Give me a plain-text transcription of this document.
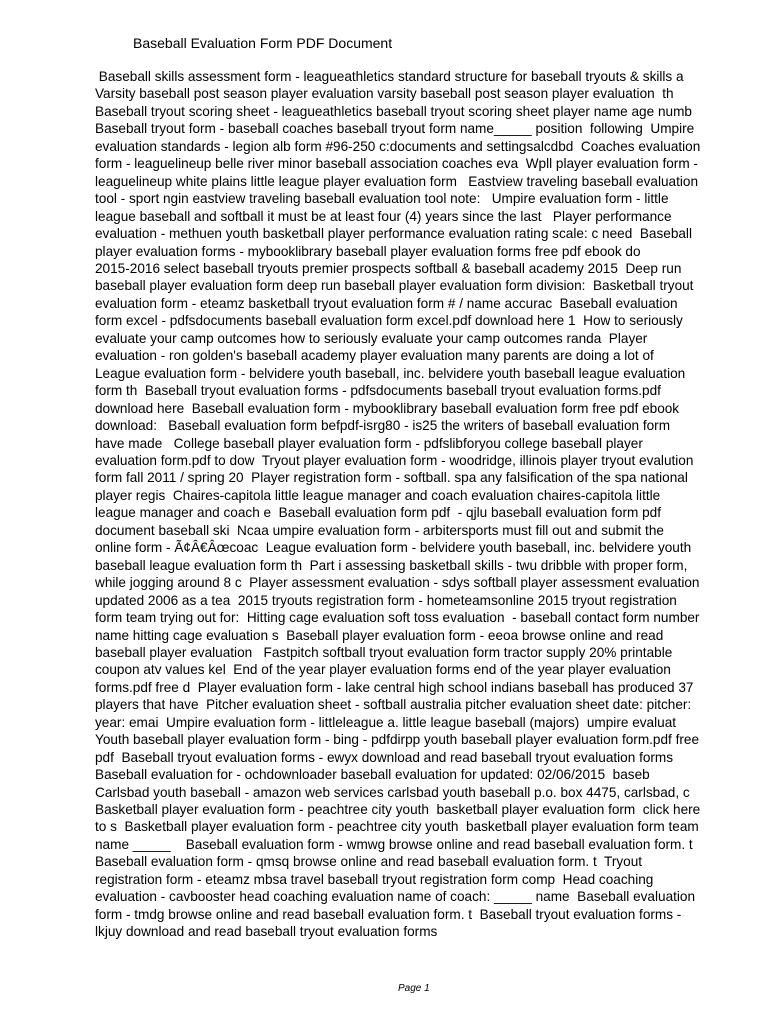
Baseball Evaluation Form PDF Document
Baseball skills assessment form - leagueathletics standard structure for baseball tryouts & skills a
Varsity baseball post season player evaluation varsity baseball post season player evaluation  th
Baseball tryout scoring sheet - leagueathletics baseball tryout scoring sheet player name age numb
Baseball tryout form - baseball coaches baseball tryout form name_____ position  following  Umpire
evaluation standards - legion alb form #96-250 c:documents and settingsalcdbd  Coaches evaluation
form - leaguelineup belle river minor baseball association coaches eva  Wpll player evaluation form -
leaguelineup white plains little league player evaluation form   Eastview traveling baseball evaluation
tool - sport ngin eastview traveling baseball evaluation tool note:   Umpire evaluation form - little
league baseball and softball it must be at least four (4) years since the last   Player performance
evaluation - methuen youth basketball player performance evaluation rating scale: c need  Baseball
player evaluation forms - mybooklibrary baseball player evaluation forms free pdf ebook do
2015-2016 select baseball tryouts premier prospects softball & baseball academy 2015  Deep run
baseball player evaluation form deep run baseball player evaluation form division:  Basketball tryout
evaluation form - eteamz basketball tryout evaluation form # / name accurac  Baseball evaluation
form excel - pdfsdocuments baseball evaluation form excel.pdf download here 1  How to seriously
evaluate your camp outcomes how to seriously evaluate your camp outcomes randa  Player
evaluation - ron golden's baseball academy player evaluation many parents are doing a lot of
League evaluation form - belvidere youth baseball, inc. belvidere youth baseball league evaluation
form th  Baseball tryout evaluation forms - pdfsdocuments baseball tryout evaluation forms.pdf
download here  Baseball evaluation form - mybooklibrary baseball evaluation form free pdf ebook
download:   Baseball evaluation form befpdf-isrg80 - is25 the writers of baseball evaluation form
have made   College baseball player evaluation form - pdfslibforyou college baseball player
evaluation form.pdf to dow  Tryout player evaluation form - woodridge, illinois player tryout evalution
form fall 2011 / spring 20  Player registration form - softball. spa any falsification of the spa national
player regis  Chaires-capitola little league manager and coach evaluation chaires-capitola little
league manager and coach e  Baseball evaluation form pdf  - qjlu baseball evaluation form pdf
document baseball ski  Ncaa umpire evaluation form - arbitersports must fill out and submit the
online form - Ã¢Â€Âœcoac  League evaluation form - belvidere youth baseball, inc. belvidere youth
baseball league evaluation form th  Part i assessing basketball skills - twu dribble with proper form,
while jogging around 8 c  Player assessment evaluation - sdys softball player assessment evaluation
updated 2006 as a tea  2015 tryouts registration form - hometeamsonline 2015 tryout registration
form team trying out for:  Hitting cage evaluation soft toss evaluation  - baseball contact form number
name hitting cage evaluation s  Baseball player evaluation form - eeoa browse online and read
baseball player evaluation   Fastpitch softball tryout evaluation form tractor supply 20% printable
coupon atv values kel  End of the year player evaluation forms end of the year player evaluation
forms.pdf free d  Player evaluation form - lake central high school indians baseball has produced 37
players that have  Pitcher evaluation sheet - softball australia pitcher evaluation sheet date: pitcher:
year: emai  Umpire evaluation form - littleleague a. little league baseball (majors)  umpire evaluat
Youth baseball player evaluation form - bing - pdfdirpp youth baseball player evaluation form.pdf free
pdf  Baseball tryout evaluation forms - ewyx download and read baseball tryout evaluation forms
Baseball evaluation for - ochdownloader baseball evaluation for updated: 02/06/2015  baseb
Carlsbad youth baseball - amazon web services carlsbad youth baseball p.o. box 4475, carlsbad, c
Basketball player evaluation form - peachtree city youth  basketball player evaluation form  click here
to s  Basketball player evaluation form - peachtree city youth  basketball player evaluation form team
name _____    Baseball evaluation form - wmwg browse online and read baseball evaluation form. t
Baseball evaluation form - qmsq browse online and read baseball evaluation form. t  Tryout
registration form - eteamz mbsa travel baseball tryout registration form comp  Head coaching
evaluation - cavbooster head coaching evaluation name of coach: _____ name  Baseball evaluation
form - tmdg browse online and read baseball evaluation form. t  Baseball tryout evaluation forms -
lkjuy download and read baseball tryout evaluation forms
Page 1
